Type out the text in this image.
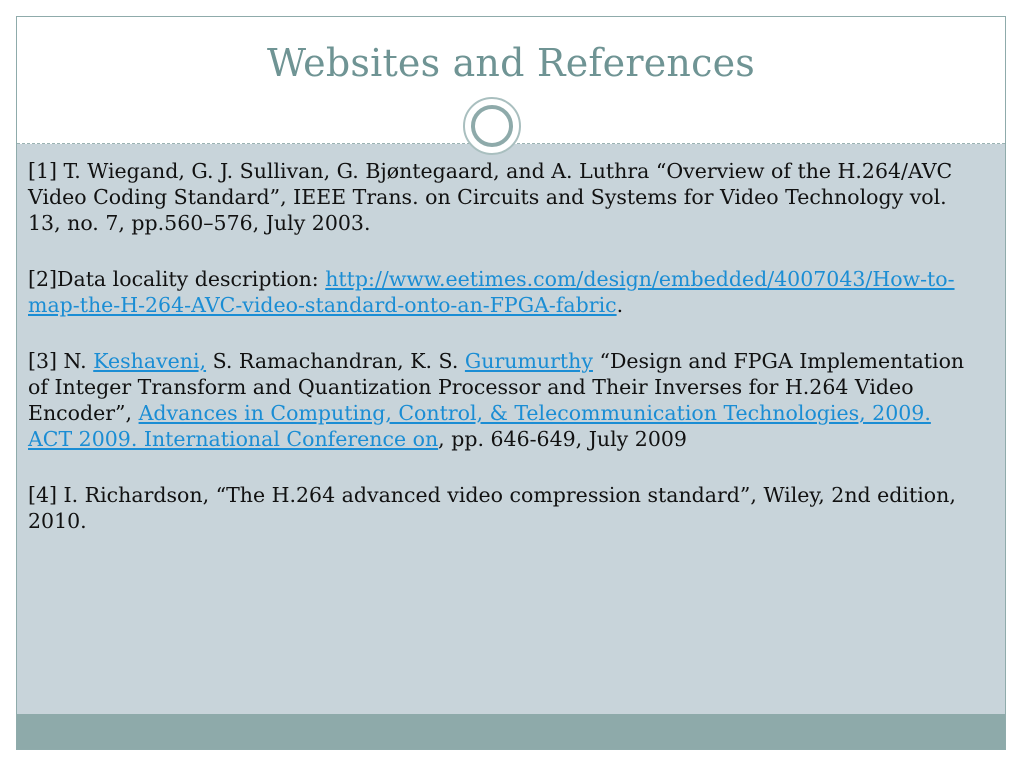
Websites and References

[1] T. Wiegand, G. J. Sullivan, G. Bjøntegaard, and A. Luthra “Overview of the H.264/AVC Video Coding Standard”, IEEE Trans. on Circuits and Systems for Video Technology vol. 13, no. 7, pp.560–576, July 2003.

[2]Data locality description: http://www.eetimes.com/design/embedded/4007043/How-to-map-the-H-264-AVC-video-standard-onto-an-FPGA-fabric.

[3] N. Keshaveni, S. Ramachandran, K. S. Gurumurthy “Design and FPGA Implementation of Integer Transform and Quantization Processor and Their Inverses for H.264 Video Encoder”, Advances in Computing, Control, & Telecommunication Technologies, 2009. ACT 2009. International Conference on, pp. 646-649, July 2009

[4] I. Richardson, “The H.264 advanced video compression standard”, Wiley, 2nd edition, 2010.
